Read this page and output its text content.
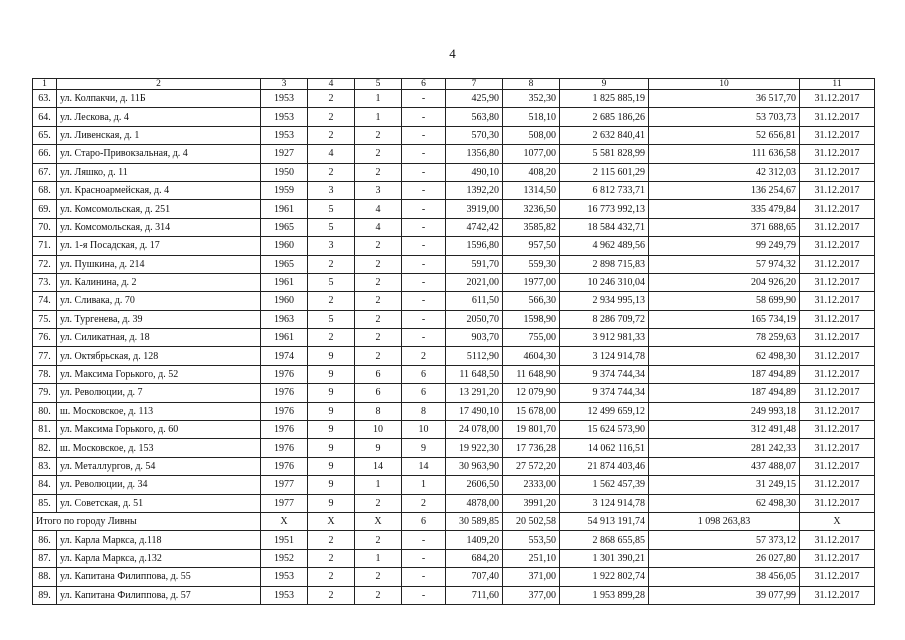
4
1	2	3	4	5	6	7	8	9	10	11
63.	ул. Колпакчи, д. 11Б	1953	2	1	-	425,90	352,30	1 825 885,19	36 517,70	31.12.2017
64.	ул. Лескова, д. 4	1953	2	1	-	563,80	518,10	2 685 186,26	53 703,73	31.12.2017
65.	ул. Ливенская, д. 1	1953	2	2	-	570,30	508,00	2 632 840,41	52 656,81	31.12.2017
66.	ул. Старо-Привокзальная, д. 4	1927	4	2	-	1356,80	1077,00	5 581 828,99	111 636,58	31.12.2017
67.	ул. Ляшко, д. 11	1950	2	2	-	490,10	408,20	2 115 601,29	42 312,03	31.12.2017
68.	ул. Красноармейская, д. 4	1959	3	3	-	1392,20	1314,50	6 812 733,71	136 254,67	31.12.2017
69.	ул. Комсомольская, д. 251	1961	5	4	-	3919,00	3236,50	16 773 992,13	335 479,84	31.12.2017
70.	ул. Комсомольская, д. 314	1965	5	4	-	4742,42	3585,82	18 584 432,71	371 688,65	31.12.2017
71.	ул. 1-я Посадская, д. 17	1960	3	2	-	1596,80	957,50	4 962 489,56	99 249,79	31.12.2017
72.	ул. Пушкина, д. 214	1965	2	2	-	591,70	559,30	2 898 715,83	57 974,32	31.12.2017
73.	ул. Калинина, д. 2	1961	5	2	-	2021,00	1977,00	10 246 310,04	204 926,20	31.12.2017
74.	ул. Сливака, д. 70	1960	2	2	-	611,50	566,30	2 934 995,13	58 699,90	31.12.2017
75.	ул. Тургенева, д. 39	1963	5	2	-	2050,70	1598,90	8 286 709,72	165 734,19	31.12.2017
76.	ул. Силикатная, д. 18	1961	2	2	-	903,70	755,00	3 912 981,33	78 259,63	31.12.2017
77.	ул. Октябрьская, д. 128	1974	9	2	2	5112,90	4604,30	3 124 914,78	62 498,30	31.12.2017
78.	ул. Максима Горького, д. 52	1976	9	6	6	11 648,50	11 648,90	9 374 744,34	187 494,89	31.12.2017
79.	ул. Революции, д. 7	1976	9	6	6	13 291,20	12 079,90	9 374 744,34	187 494,89	31.12.2017
80.	ш. Московское, д. 113	1976	9	8	8	17 490,10	15 678,00	12 499 659,12	249 993,18	31.12.2017
81.	ул. Максима Горького, д. 60	1976	9	10	10	24 078,00	19 801,70	15 624 573,90	312 491,48	31.12.2017
82.	ш. Московское, д. 153	1976	9	9	9	19 922,30	17 736,28	14 062 116,51	281 242,33	31.12.2017
83.	ул. Металлургов, д. 54	1976	9	14	14	30 963,90	27 572,20	21 874 403,46	437 488,07	31.12.2017
84.	ул. Революции, д. 34	1977	9	1	1	2606,50	2333,00	1 562 457,39	31 249,15	31.12.2017
85.	ул. Советская, д. 51	1977	9	2	2	4878,00	3991,20	3 124 914,78	62 498,30	31.12.2017
Итого по городу Ливны		X	X	X	6	30 589,85	20 502,58	54 913 191,74	1 098 263,83	X
86.	ул. Карла Маркса, д.118	1951	2	2	-	1409,20	553,50	2 868 655,85	57 373,12	31.12.2017
87.	ул. Карла Маркса, д.132	1952	2	1	-	684,20	251,10	1 301 390,21	26 027,80	31.12.2017
88.	ул. Капитана Филиппова, д. 55	1953	2	2	-	707,40	371,00	1 922 802,74	38 456,05	31.12.2017
89.	ул. Капитана Филиппова, д. 57	1953	2	2	-	711,60	377,00	1 953 899,28	39 077,99	31.12.2017
